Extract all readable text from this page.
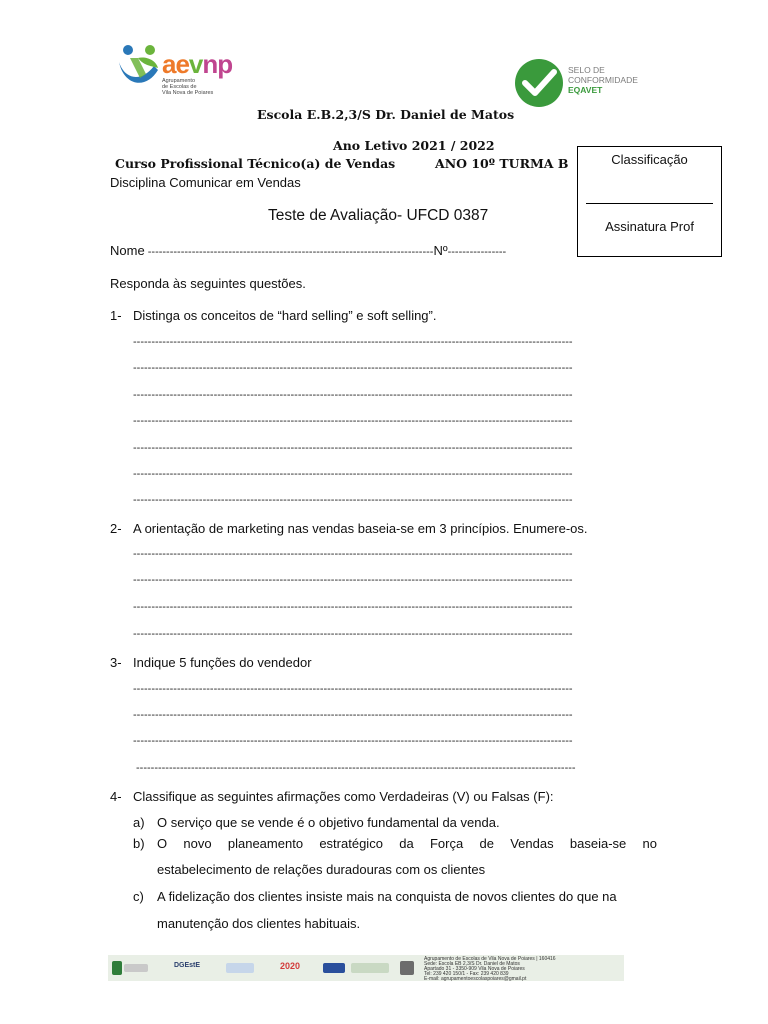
aevnp
Agrupamento
de Escolas de
Vila Nova de Poiares
SELO DE
CONFORMIDADE
EQAVET
Escola E.B.2,3/S Dr. Daniel de Matos
Ano Letivo 2021 / 2022
Curso Profissional Técnico(a) de Vendas	ANO 10º TURMA B
Disciplina Comunicar em Vendas
Teste de Avaliação- UFCD 0387
Classificação
Assinatura Prof
Nome ------------------------------------------------------------------------------Nº----------------
Responda às seguintes questões.
1- Distinga os conceitos de “hard selling” e soft selling”.
------------------------------------------------------------------------------------------------------------------------
------------------------------------------------------------------------------------------------------------------------
------------------------------------------------------------------------------------------------------------------------
------------------------------------------------------------------------------------------------------------------------
------------------------------------------------------------------------------------------------------------------------
------------------------------------------------------------------------------------------------------------------------
------------------------------------------------------------------------------------------------------------------------
2- A orientação de marketing nas vendas baseia-se em 3 princípios. Enumere-os.
------------------------------------------------------------------------------------------------------------------------
------------------------------------------------------------------------------------------------------------------------
------------------------------------------------------------------------------------------------------------------------
------------------------------------------------------------------------------------------------------------------------
3- Indique 5 funções do vendedor
------------------------------------------------------------------------------------------------------------------------
------------------------------------------------------------------------------------------------------------------------
------------------------------------------------------------------------------------------------------------------------
------------------------------------------------------------------------------------------------------------------------
4- Classifique as seguintes afirmações como Verdadeiras (V) ou Falsas (F):
a) O serviço que se vende é o objetivo fundamental da venda.
b) O novo planeamento estratégico da Força de Vendas baseia-se no
estabelecimento de relações duradouras com os clientes
c) A fidelização dos clientes insiste mais na conquista de novos clientes do que na
manutenção dos clientes habituais.
DGEstE	2020
Agrupamento de Escolas de Vila Nova de Poiares | 160416
Sede: Escola EB 2,3/S Dr. Daniel de Matos
Apartado 31 - 3350-909 Vila Nova de Poiares
Tel: 239 420 150/1 - Fax: 239 420 839
E-mail: agrupamentoescolaspoiares@gmail.pt
